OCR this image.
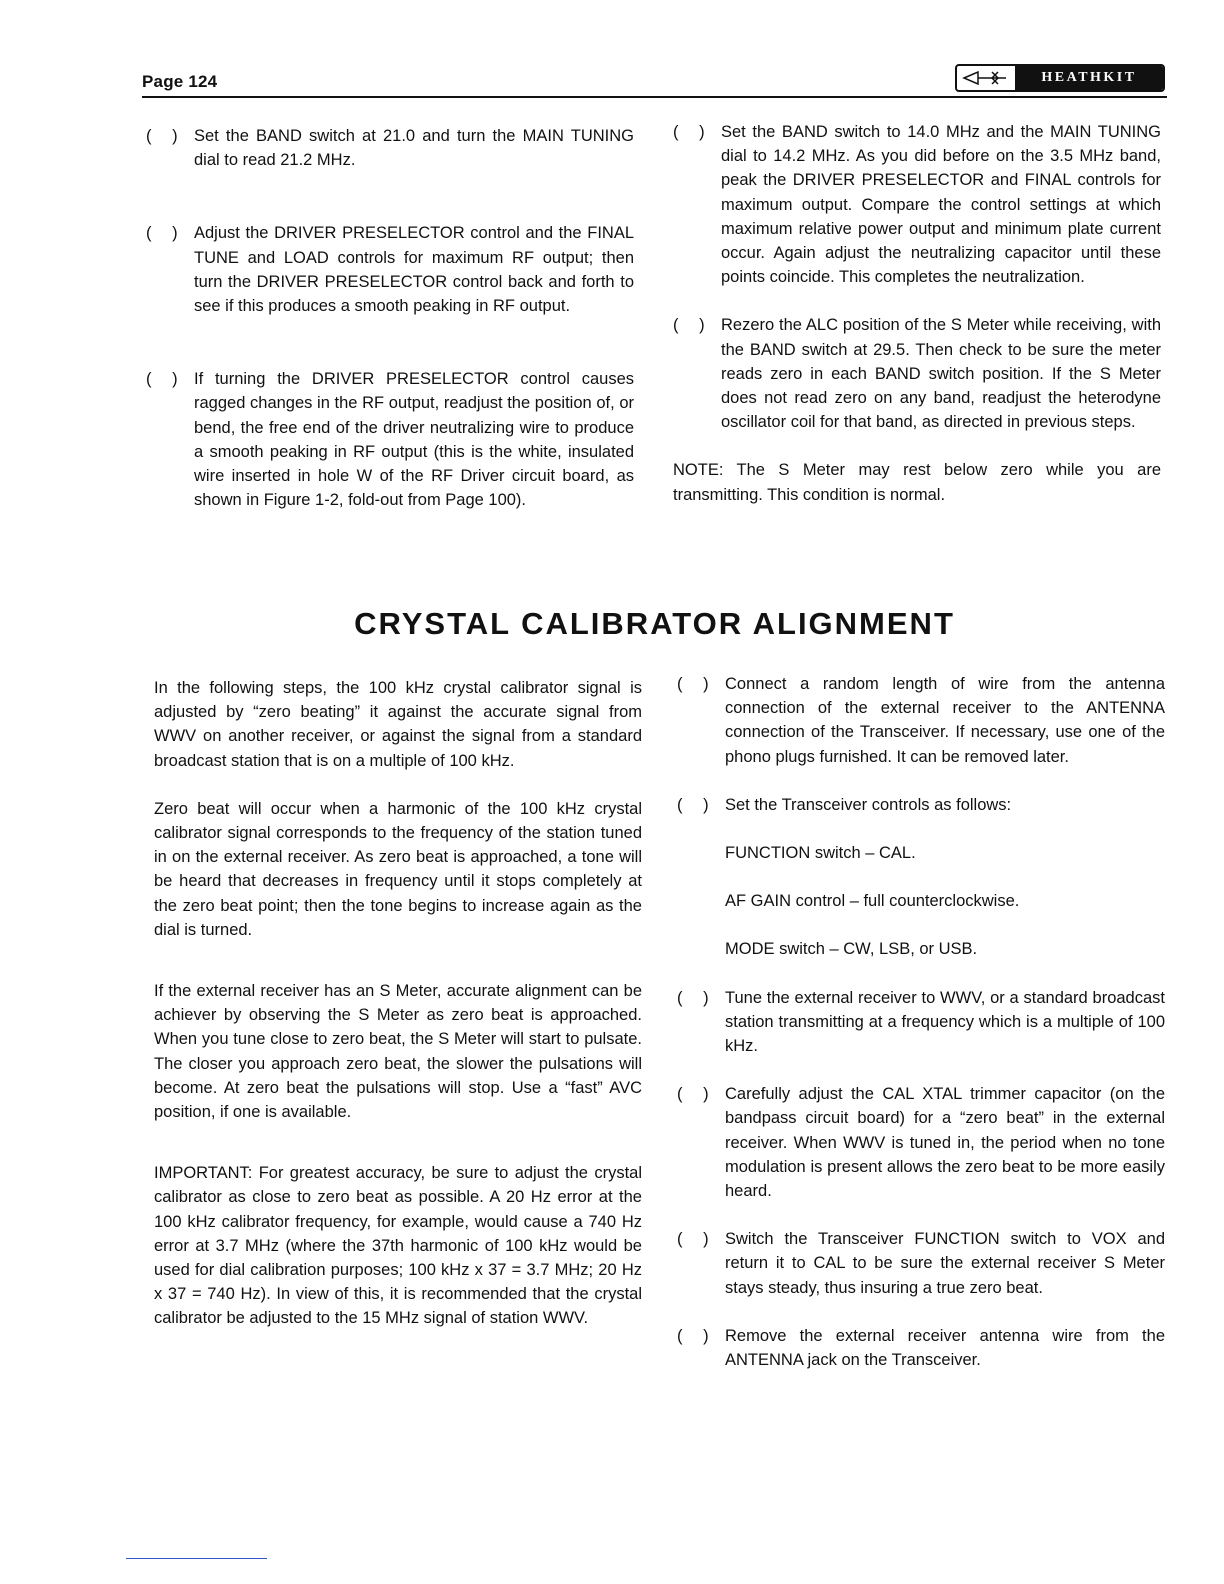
Page 124	HEATHKIT
( ) Set the BAND switch at 21.0 and turn the MAIN TUNING dial to read 21.2 MHz.
( ) Adjust the DRIVER PRESELECTOR control and the FINAL TUNE and LOAD controls for maximum RF output; then turn the DRIVER PRESELECTOR control back and forth to see if this produces a smooth peaking in RF output.
( ) If turning the DRIVER PRESELECTOR control causes ragged changes in the RF output, readjust the position of, or bend, the free end of the driver neutralizing wire to produce a smooth peaking in RF output (this is the white, insulated wire inserted in hole W of the RF Driver circuit board, as shown in Figure 1-2, fold-out from Page 100).
( ) Set the BAND switch to 14.0 MHz and the MAIN TUNING dial to 14.2 MHz. As you did before on the 3.5 MHz band, peak the DRIVER PRESELECTOR and FINAL controls for maximum output. Compare the control settings at which maximum relative power output and minimum plate current occur. Again adjust the neutralizing capacitor until these points coincide. This completes the neutralization.
( ) Rezero the ALC position of the S Meter while receiving, with the BAND switch at 29.5. Then check to be sure the meter reads zero in each BAND switch position. If the S Meter does not read zero on any band, readjust the heterodyne oscillator coil for that band, as directed in previous steps.

NOTE: The S Meter may rest below zero while you are transmitting. This condition is normal.

CRYSTAL CALIBRATOR ALIGNMENT

In the following steps, the 100 kHz crystal calibrator signal is adjusted by “zero beating” it against the accurate signal from WWV on another receiver, or against the signal from a standard broadcast station that is on a multiple of 100 kHz.

Zero beat will occur when a harmonic of the 100 kHz crystal calibrator signal corresponds to the frequency of the station tuned in on the external receiver. As zero beat is approached, a tone will be heard that decreases in frequency until it stops completely at the zero beat point; then the tone begins to increase again as the dial is turned.

If the external receiver has an S Meter, accurate alignment can be achiever by observing the S Meter as zero beat is approached. When you tune close to zero beat, the S Meter will start to pulsate. The closer you approach zero beat, the slower the pulsations will become. At zero beat the pulsations will stop. Use a “fast” AVC position, if one is available.

IMPORTANT: For greatest accuracy, be sure to adjust the crystal calibrator as close to zero beat as possible. A 20 Hz error at the 100 kHz calibrator frequency, for example, would cause a 740 Hz error at 3.7 MHz (where the 37th harmonic of 100 kHz would be used for dial calibration purposes; 100 kHz x 37 = 3.7 MHz; 20 Hz x 37 = 740 Hz). In view of this, it is recommended that the crystal calibrator be adjusted to the 15 MHz signal of station WWV.

( ) Connect a random length of wire from the antenna connection of the external receiver to the ANTENNA connection of the Transceiver. If necessary, use one of the phono plugs furnished. It can be removed later.
( ) Set the Transceiver controls as follows:

FUNCTION switch – CAL.

AF GAIN control – full counterclockwise.

MODE switch – CW, LSB, or USB.

( ) Tune the external receiver to WWV, or a standard broadcast station transmitting at a frequency which is a multiple of 100 kHz.
( ) Carefully adjust the CAL XTAL trimmer capacitor (on the bandpass circuit board) for a “zero beat” in the external receiver. When WWV is tuned in, the period when no tone modulation is present allows the zero beat to be more easily heard.
( ) Switch the Transceiver FUNCTION switch to VOX and return it to CAL to be sure the external receiver S Meter stays steady, thus insuring a true zero beat.
( ) Remove the external receiver antenna wire from the ANTENNA jack on the Transceiver.
